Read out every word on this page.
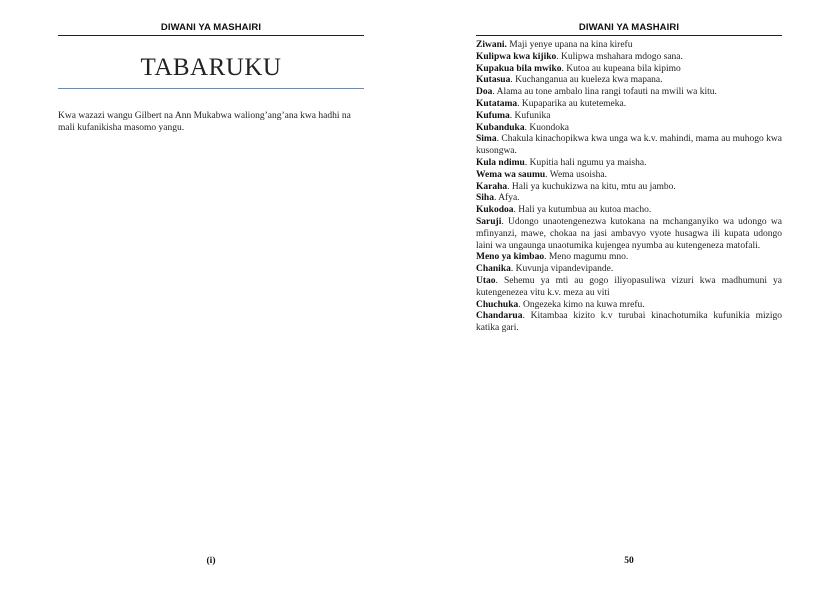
DIWANI YA MASHAIRI
TABARUKU

Kwa wazazi wangu Gilbert na Ann Mukabwa waliong’ang’ana kwa hadhi na mali kufanikisha masomo yangu.

(i)
DIWANI YA MASHAIRI

Ziwani. Maji yenye upana na kina kirefu

Kulipwa kwa kijiko. Kulipwa mshahara mdogo sana.

Kupakua bila mwiko. Kutoa au kupeana bila kipimo

Kutasua. Kuchanganua au kueleza kwa mapana.

Doa. Alama au tone ambalo lina rangi tofauti na mwili wa kitu.

Kutatama. Kupaparika au kutetemeka.

Kufuma. Kufunika

Kubanduka. Kuondoka

Sima. Chakula kinachopikwa kwa unga wa k.v. mahindi, mama au muhogo kwa kusongwa.

Kula ndimu. Kupitia hali ngumu ya maisha.

Wema wa saumu. Wema usoisha.

Karaha. Hali ya kuchukizwa na kitu, mtu au jambo.

Siha. Afya.

Kukodoa. Hali ya kutumbua au kutoa macho.

Saruji. Udongo unaotengenezwa kutokana na mchanganyiko wa udongo wa mfinyanzi, mawe, chokaa na jasi ambavyo vyote husagwa ili kupata udongo laini wa ungaunga unaotumika kujengea nyumba au kutengeneza matofali.

Meno ya kimbao. Meno magumu mno.

Chanika. Kuvunja vipandevipande.

Utao. Sehemu ya mti au gogo iliyopasuliwa vizuri kwa madhumuni ya kutengenezea vitu k.v. meza au viti

Chuchuka. Ongezeka kimo na kuwa mrefu.

Chandarua. Kitambaa kizito k.v turubai kinachotumika kufunikia mizigo katika gari.

50
